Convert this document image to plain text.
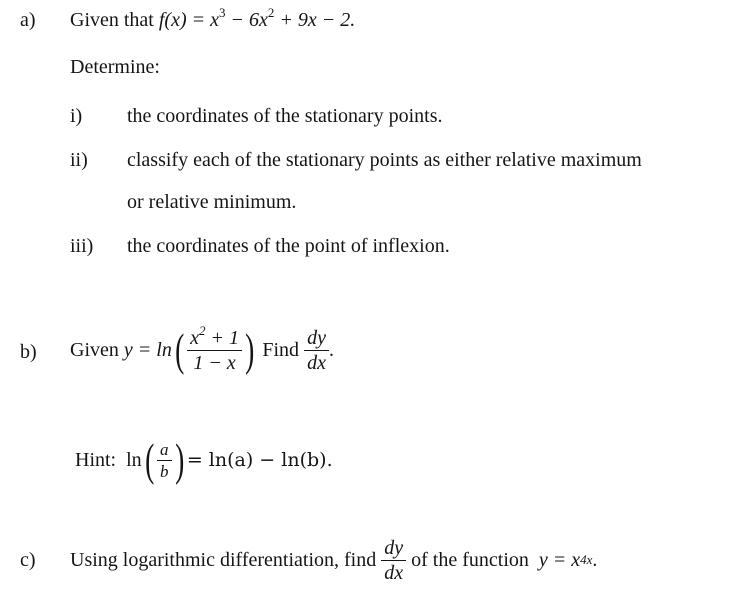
a) Given that $f(x) = x^3 - 6x^2 + 9x - 2$.
Determine:
i) the coordinates of the stationary points.
ii) classify each of the stationary points as either relative maximum
or relative minimum.
iii) the coordinates of the point of inflexion.
b) Given
y = ln ( $\frac{x^2 + 1}{1 - x}$ )
Find
$\frac{dy}{dx}$ .
Hint:
ln ( $\frac{a}{b}$ ) = ln(a) − ln(b).
c) Using logarithmic differentiation, find
$\frac{dy}{dx}$
of the function
y = x 4x .
